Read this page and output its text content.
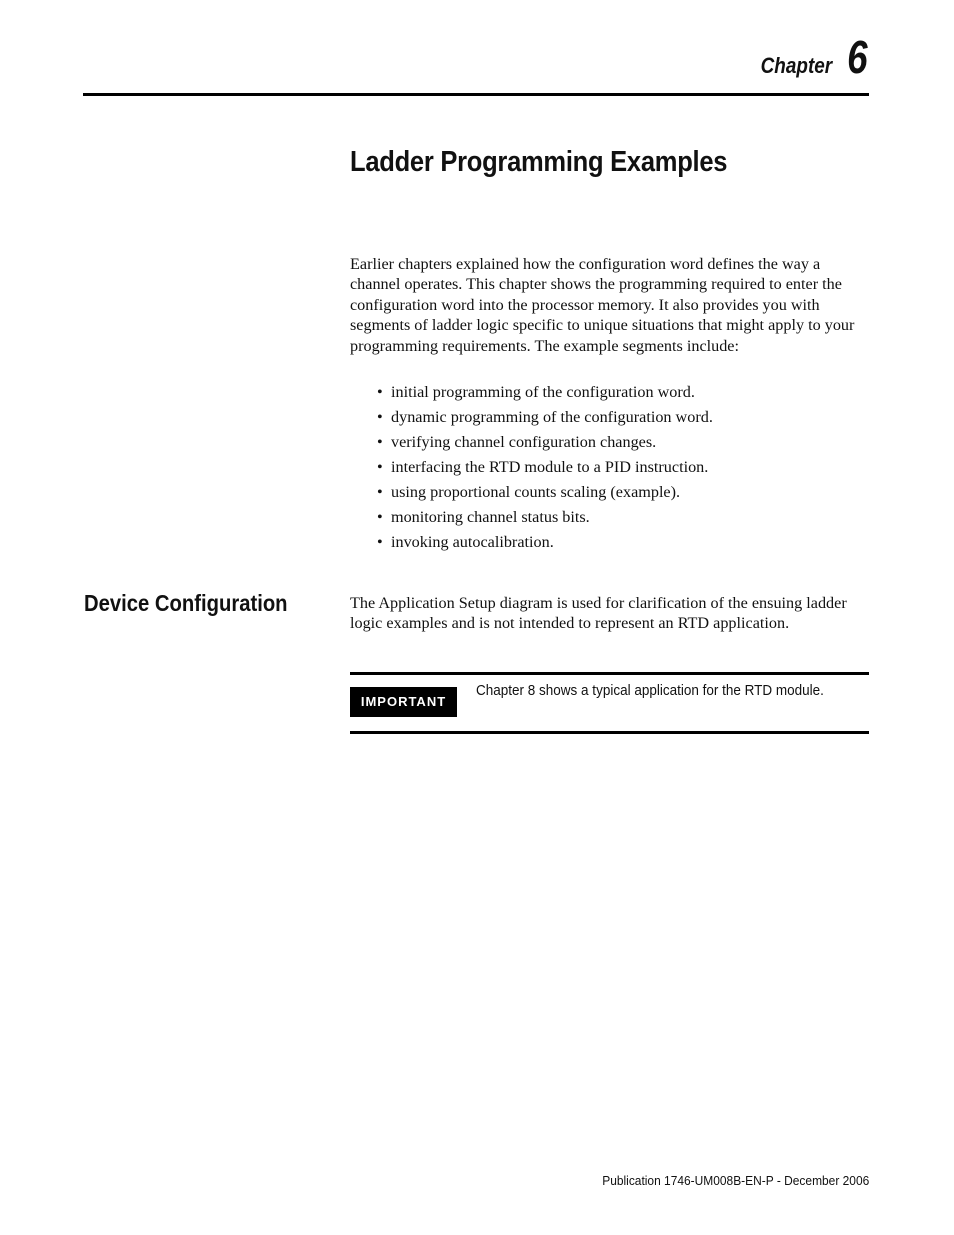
Chapter 6
Ladder Programming Examples

Earlier chapters explained how the configuration word defines the way a channel operates. This chapter shows the programming required to enter the configuration word into the processor memory. It also provides you with segments of ladder logic specific to unique situations that might apply to your programming requirements. The example segments include:

• initial programming of the configuration word.
• dynamic programming of the configuration word.
• verifying channel configuration changes.
• interfacing the RTD module to a PID instruction.
• using proportional counts scaling (example).
• monitoring channel status bits.
• invoking autocalibration.
Device Configuration	The Application Setup diagram is used for clarification of the ensuing ladder logic examples and is not intended to represent an RTD application.

IMPORTANT
Chapter 8 shows a typical application for the RTD module.
Publication 1746-UM008B-EN-P - December 2006
